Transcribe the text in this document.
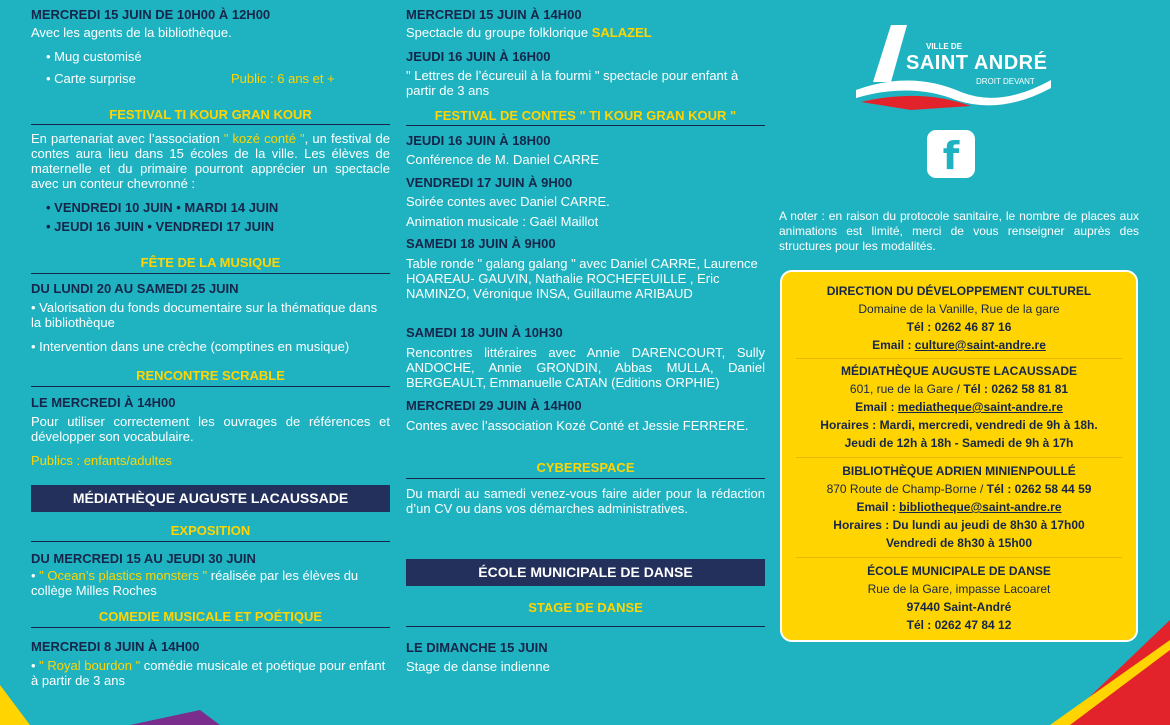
MERCREDI 15 JUIN DE 10H00 À 12H00

Avec les agents de la bibliothèque.

• Mug customisé

• Carte surprise	Public : 6 ans et +

FESTIVAL TI KOUR GRAN KOUR

En partenariat avec l’association " kozé conté ", un festival de contes aura lieu dans 15 écoles de la ville. Les élèves de maternelle et du primaire pourront apprécier un spectacle avec un conteur chevronné :

• VENDREDI 10 JUIN • MARDI 14 JUIN

• JEUDI 16 JUIN • VENDREDI 17 JUIN

FÊTE DE LA MUSIQUE

DU LUNDI 20 AU SAMEDI 25 JUIN

• Valorisation du fonds documentaire sur la thématique dans la bibliothèque

• Intervention dans une crèche (comptines en musique)

RENCONTRE SCRABLE

LE MERCREDI À 14H00

Pour utiliser correctement les ouvrages de références et développer son vocabulaire.

Publics : enfants/adultes

MÉDIATHÈQUE AUGUSTE LACAUSSADE
EXPOSITION

DU MERCREDI 15 AU JEUDI 30 JUIN

• " Ocean’s plastics monsters " réalisée par les élèves du collège Milles Roches

COMEDIE MUSICALE ET POÉTIQUE

MERCREDI 8 JUIN À 14H00

• " Royal bourdon " comédie musicale et poétique pour enfant à partir de 3 ans

MERCREDI 15 JUIN À 14H00

Spectacle du groupe folklorique SALAZEL

JEUDI 16 JUIN À 16H00

" Lettres de l’écureuil à la fourmi " spectacle pour enfant à partir de 3 ans

FESTIVAL DE CONTES " TI KOUR GRAN KOUR "

JEUDI 16 JUIN À 18H00

Conférence de M. Daniel CARRE

VENDREDI 17 JUIN À 9H00

Soirée contes avec Daniel CARRE.

Animation musicale : Gaël Maillot

SAMEDI 18 JUIN À 9H00

Table ronde " galang galang " avec Daniel CARRE, Laurence HOAREAU- GAUVIN, Nathalie ROCHEFEUILLE , Eric NAMINZO, Véronique INSA, Guillaume ARIBAUD

SAMEDI 18 JUIN À 10H30

Rencontres littéraires avec Annie DARENCOURT, Sully ANDOCHE, Annie GRONDIN, Abbas MULLA, Daniel BERGEAULT, Emmanuelle CATAN (Editions ORPHIE)

MERCREDI 29 JUIN À 14H00

Contes avec l’association Kozé Conté et Jessie FERRERE.

CYBERESPACE

Du mardi au samedi venez-vous faire aider pour la rédaction d’un CV ou dans vos démarches administratives.

ÉCOLE MUNICIPALE DE DANSE
STAGE DE DANSE

LE DIMANCHE 15 JUIN

Stage de danse indienne

VILLE DE
SAINT ANDRÉ
DROIT DEVANT
f

A noter : en raison du protocole sanitaire, le nombre de places aux animations est limité, merci de vous renseigner auprès des structures pour les modalités.

DIRECTION DU DÉVELOPPEMENT CULTUREL
Domaine de la Vanille, Rue de la gare
Tél : 0262 46 87 16
Email : culture@saint-andre.re
MÉDIATHÈQUE AUGUSTE LACAUSSADE
601, rue de la Gare / Tél : 0262 58 81 81
Email : mediatheque@saint-andre.re
Horaires : Mardi, mercredi, vendredi de 9h à 18h.
Jeudi de 12h à 18h - Samedi de 9h à 17h
BIBLIOTHÈQUE ADRIEN MINIENPOULLÉ
870 Route de Champ-Borne / Tél : 0262 58 44 59
Email : bibliotheque@saint-andre.re
Horaires : Du lundi au jeudi de 8h30 à 17h00
Vendredi de 8h30 à 15h00
ÉCOLE MUNICIPALE DE DANSE
Rue de la Gare, impasse Lacoaret
97440 Saint-André
Tél : 0262 47 84 12
